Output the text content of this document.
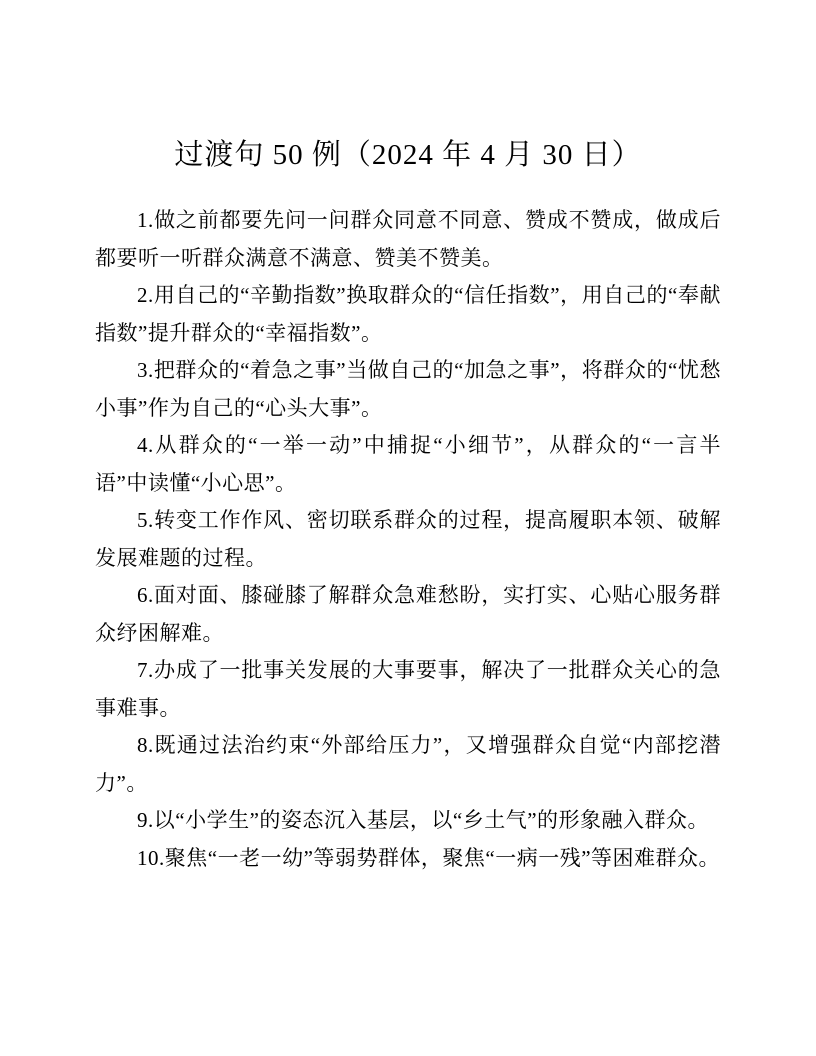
过渡句 50 例（2024 年 4 月 30 日）

1.做之前都要先问一问群众同意不同意、赞成不赞成，做成后都要听一听群众满意不满意、赞美不赞美。

2.用自己的“辛勤指数”换取群众的“信任指数”，用自己的“奉献指数”提升群众的“幸福指数”。

3.把群众的“着急之事”当做自己的“加急之事”，将群众的“忧愁小事”作为自己的“心头大事”。

4.从群众的“一举一动”中捕捉“小细节”，从群众的“一言半语”中读懂“小心思”。

5.转变工作作风、密切联系群众的过程，提高履职本领、破解发展难题的过程。

6.面对面、膝碰膝了解群众急难愁盼，实打实、心贴心服务群众纾困解难。

7.办成了一批事关发展的大事要事，解决了一批群众关心的急事难事。

8.既通过法治约束“外部给压力”，又增强群众自觉“内部挖潜力”。

9.以“小学生”的姿态沉入基层，以“乡土气”的形象融入群众。

10.聚焦“一老一幼”等弱势群体，聚焦“一病一残”等困难群众。
